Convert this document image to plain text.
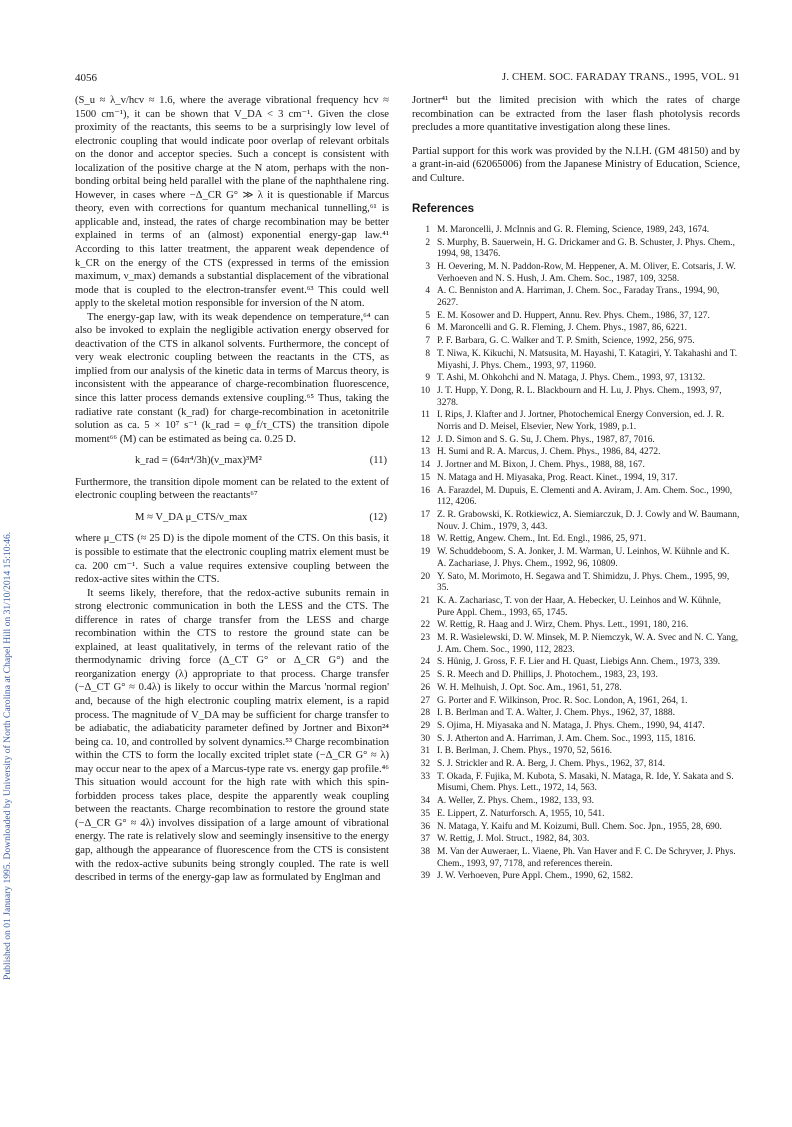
Published on 01 January 1995. Downloaded by University of North Carolina at Chapel Hill on 31/10/2014 15:10:46.
4056	J. CHEM. SOC. FARADAY TRANS., 1995, VOL. 91

(S_u ≈ λ_v/hcv ≈ 1.6, where the average vibrational frequency hcv ≈ 1500 cm⁻¹), it can be shown that V_DA < 3 cm⁻¹. Given the close proximity of the reactants, this seems to be a surprisingly low level of electronic coupling that would indicate poor overlap of relevant orbitals on the donor and acceptor species. Such a concept is consistent with localization of the positive charge at the N atom, perhaps with the non-bonding orbital being held parallel with the plane of the naphthalene ring. However, in cases where −Δ_CR G° ≫ λ it is questionable if Marcus theory, even with corrections for quantum mechanical tunnelling,⁶¹ is applicable and, instead, the rates of charge recombination may be better explained in terms of an (almost) exponential energy-gap law.⁴¹ According to this latter treatment, the apparent weak dependence of k_CR on the energy of the CTS (expressed in terms of the emission maximum, ν_max) demands a substantial displacement of the vibrational mode that is coupled to the electron-transfer event.⁶³ This could well apply to the skeletal motion responsible for inversion of the N atom.

The energy-gap law, with its weak dependence on temperature,⁶⁴ can also be invoked to explain the negligible activation energy observed for deactivation of the CTS in alkanol solvents. Furthermore, the concept of very weak electronic coupling between the reactants in the CTS, as implied from our analysis of the kinetic data in terms of Marcus theory, is inconsistent with the appearance of charge-recombination fluorescence, since this latter process demands extensive coupling.⁶⁵ Thus, taking the radiative rate constant (k_rad) for charge-recombination in acetonitrile solution as ca. 5 × 10⁷ s⁻¹ (k_rad = φ_f/τ_CTS) the transition dipole moment⁶⁶ (M) can be estimated as being ca. 0.25 D.

k_rad = (64π⁴/3h)(ν_max)³M²	(11)

Furthermore, the transition dipole moment can be related to the extent of electronic coupling between the reactants⁶⁷

M ≈ V_DA μ_CTS/ν_max	(12)

where μ_CTS (≈ 25 D) is the dipole moment of the CTS. On this basis, it is possible to estimate that the electronic coupling matrix element must be ca. 200 cm⁻¹. Such a value requires extensive coupling between the redox-active sites within the CTS.

It seems likely, therefore, that the redox-active subunits remain in strong electronic communication in both the LESS and the CTS. The difference in rates of charge transfer from the LESS and charge recombination within the CTS to restore the ground state can be explained, at least qualitatively, in terms of the relevant ratio of the thermodynamic driving force (Δ_CT G° or Δ_CR G°) and the reorganization energy (λ) appropriate to that process. Charge transfer (−Δ_CT G° ≈ 0.4λ) is likely to occur within the Marcus 'normal region' and, because of the high electronic coupling matrix element, is a rapid process. The magnitude of V_DA may be sufficient for charge transfer to be adiabatic, the adiabaticity parameter defined by Jortner and Bixon²⁴ being ca. 10, and controlled by solvent dynamics.⁵³ Charge recombination within the CTS to form the locally excited triplet state (−Δ_CR G° ≈ λ) may occur near to the apex of a Marcus-type rate vs. energy gap profile.⁴⁶ This situation would account for the high rate with which this spin-forbidden process takes place, despite the apparently weak coupling between the reactants. Charge recombination to restore the ground state (−Δ_CR G° ≈ 4λ) involves dissipation of a large amount of vibrational energy. The rate is relatively slow and seemingly insensitive to the energy gap, although the appearance of fluorescence from the CTS is consistent with the redox-active subunits being strongly coupled. The rate is well described in terms of the energy-gap law as formulated by Englman and

Jortner⁴¹ but the limited precision with which the rates of charge recombination can be extracted from the laser flash photolysis records precludes a more quantitative investigation along these lines.

Partial support for this work was provided by the N.I.H. (GM 48150) and by a grant-in-aid (62065006) from the Japanese Ministry of Education, Science, and Culture.

References
1 M. Maroncelli, J. McInnis and G. R. Fleming, Science, 1989, 243, 1674.
2 S. Murphy, B. Sauerwein, H. G. Drickamer and G. B. Schuster, J. Phys. Chem., 1994, 98, 13476.
3 H. Oevering, M. N. Paddon-Row, M. Heppener, A. M. Oliver, E. Cotsaris, J. W. Verhoeven and N. S. Hush, J. Am. Chem. Soc., 1987, 109, 3258.
4 A. C. Benniston and A. Harriman, J. Chem. Soc., Faraday Trans., 1994, 90, 2627.
5 E. M. Kosower and D. Huppert, Annu. Rev. Phys. Chem., 1986, 37, 127.
6 M. Maroncelli and G. R. Fleming, J. Chem. Phys., 1987, 86, 6221.
7 P. F. Barbara, G. C. Walker and T. P. Smith, Science, 1992, 256, 975.
8 T. Niwa, K. Kikuchi, N. Matsusita, M. Hayashi, T. Katagiri, Y. Takahashi and T. Miyashi, J. Phys. Chem., 1993, 97, 11960.
9 T. Ashi, M. Ohkohchi and N. Mataga, J. Phys. Chem., 1993, 97, 13132.
10 J. T. Hupp, Y. Dong, R. L. Blackbourn and H. Lu, J. Phys. Chem., 1993, 97, 3278.
11 I. Rips, J. Klafter and J. Jortner, Photochemical Energy Conversion, ed. J. R. Norris and D. Meisel, Elsevier, New York, 1989, p.1.
12 J. D. Simon and S. G. Su, J. Chem. Phys., 1987, 87, 7016.
13 H. Sumi and R. A. Marcus, J. Chem. Phys., 1986, 84, 4272.
14 J. Jortner and M. Bixon, J. Chem. Phys., 1988, 88, 167.
15 N. Mataga and H. Miyasaka, Prog. React. Kinet., 1994, 19, 317.
16 A. Farazdel, M. Dupuis, E. Clementi and A. Aviram, J. Am. Chem. Soc., 1990, 112, 4206.
17 Z. R. Grabowski, K. Rotkiewicz, A. Siemiarczuk, D. J. Cowly and W. Baumann, Nouv. J. Chim., 1979, 3, 443.
18 W. Rettig, Angew. Chem., Int. Ed. Engl., 1986, 25, 971.
19 W. Schuddeboom, S. A. Jonker, J. M. Warman, U. Leinhos, W. Kühnle and K. A. Zachariase, J. Phys. Chem., 1992, 96, 10809.
20 Y. Sato, M. Morimoto, H. Segawa and T. Shimidzu, J. Phys. Chem., 1995, 99, 35.
21 K. A. Zachariasc, T. von der Haar, A. Hebecker, U. Leinhos and W. Kühnle, Pure Appl. Chem., 1993, 65, 1745.
22 W. Rettig, R. Haag and J. Wirz, Chem. Phys. Lett., 1991, 180, 216.
23 M. R. Wasielewski, D. W. Minsek, M. P. Niemczyk, W. A. Svec and N. C. Yang, J. Am. Chem. Soc., 1990, 112, 2823.
24 S. Hünig, J. Gross, F. F. Lier and H. Quast, Liebigs Ann. Chem., 1973, 339.
25 S. R. Meech and D. Phillips, J. Photochem., 1983, 23, 193.
26 W. H. Melhuish, J. Opt. Soc. Am., 1961, 51, 278.
27 G. Porter and F. Wilkinson, Proc. R. Soc. London, A, 1961, 264, 1.
28 I. B. Berlman and T. A. Walter, J. Chem. Phys., 1962, 37, 1888.
29 S. Ojima, H. Miyasaka and N. Mataga, J. Phys. Chem., 1990, 94, 4147.
30 S. J. Atherton and A. Harriman, J. Am. Chem. Soc., 1993, 115, 1816.
31 I. B. Berlman, J. Chem. Phys., 1970, 52, 5616.
32 S. J. Strickler and R. A. Berg, J. Chem. Phys., 1962, 37, 814.
33 T. Okada, F. Fujika, M. Kubota, S. Masaki, N. Mataga, R. Ide, Y. Sakata and S. Misumi, Chem. Phys. Lett., 1972, 14, 563.
34 A. Weller, Z. Phys. Chem., 1982, 133, 93.
35 E. Lippert, Z. Naturforsch. A, 1955, 10, 541.
36 N. Mataga, Y. Kaifu and M. Koizumi, Bull. Chem. Soc. Jpn., 1955, 28, 690.
37 W. Rettig, J. Mol. Struct., 1982, 84, 303.
38 M. Van der Auweraer, L. Viaene, Ph. Van Haver and F. C. De Schryver, J. Phys. Chem., 1993, 97, 7178, and references therein.
39 J. W. Verhoeven, Pure Appl. Chem., 1990, 62, 1582.
